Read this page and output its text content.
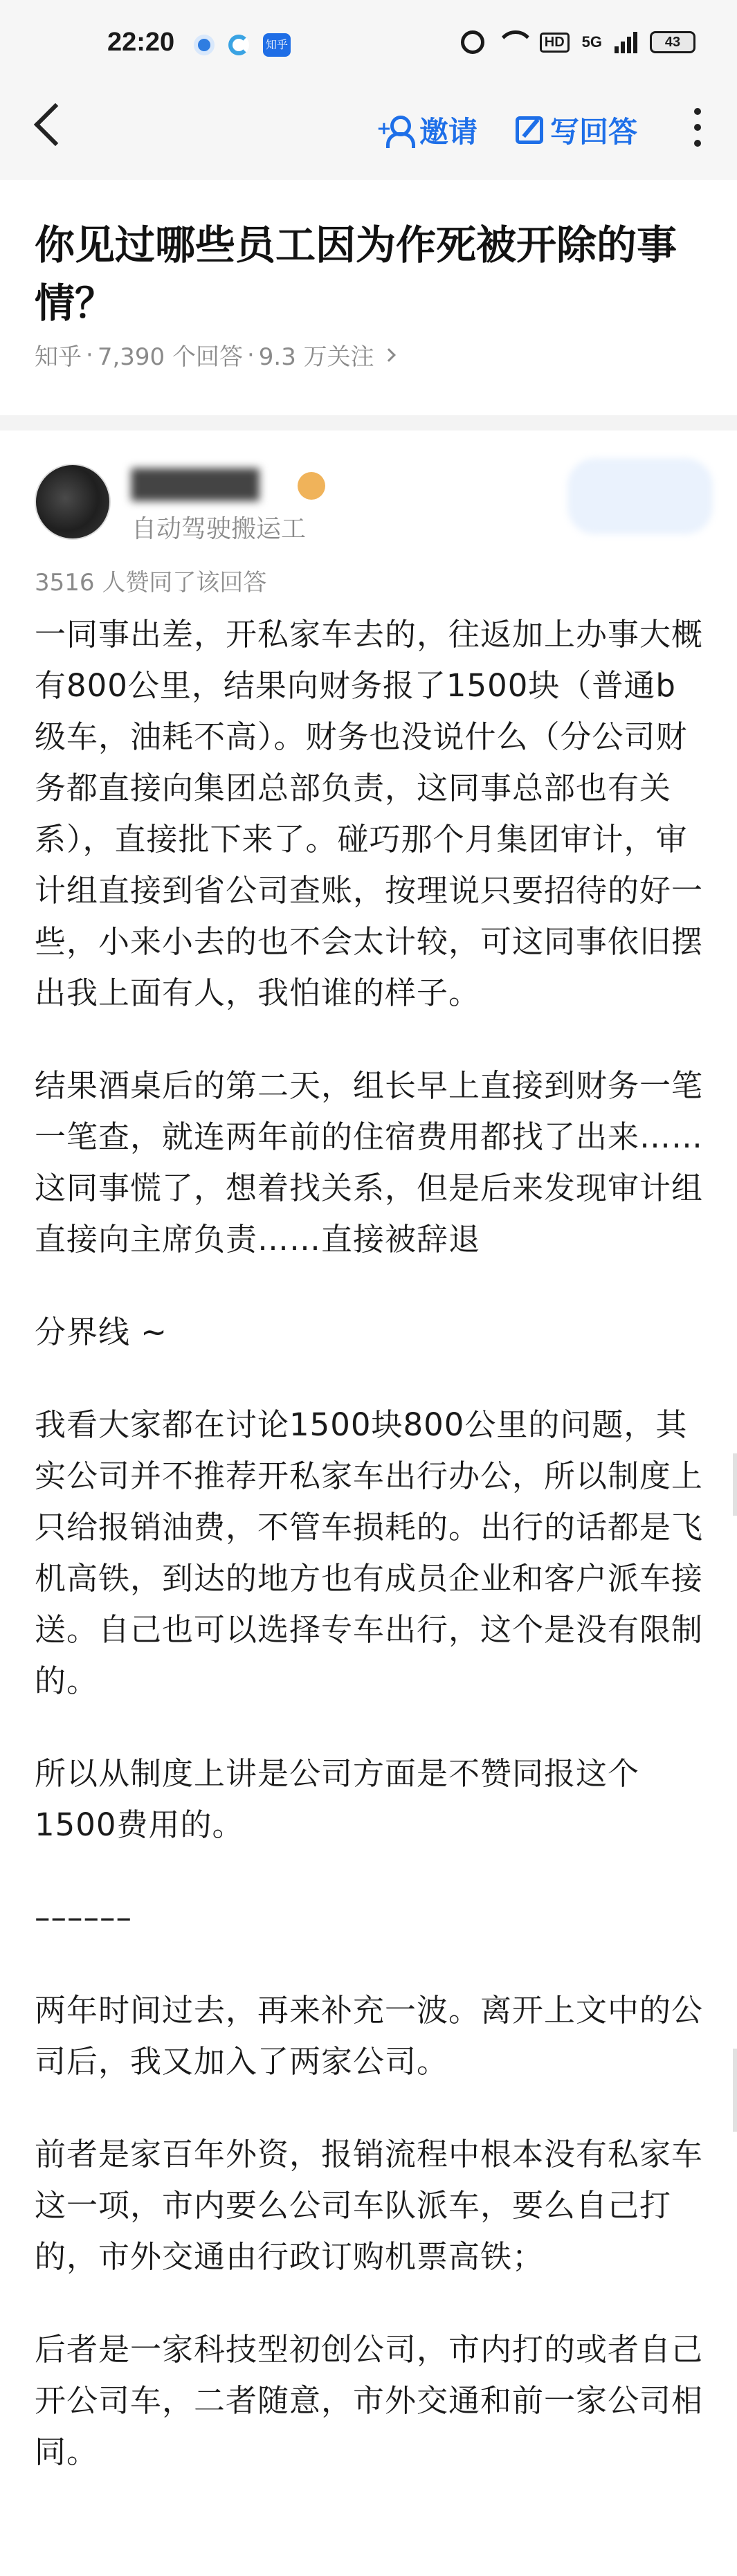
22:20	知乎	HD	5G	43
+ 邀请 写回答
你见过哪些员工因为作死被开除的事情？
知乎 · 7,390 个回答 · 9.3 万关注
██████
自动驾驶搬运工
3516 人赞同了该回答

一同事出差，开私家车去的，往返加上办事大概有800公里，结果向财务报了1500块（普通b级车，油耗不高）。财务也没说什么（分公司财务都直接向集团总部负责，这同事总部也有关系），直接批下来了。碰巧那个月集团审计，审计组直接到省公司查账，按理说只要招待的好一些，小来小去的也不会太计较，可这同事依旧摆出我上面有人，我怕谁的样子。

结果酒桌后的第二天，组长早上直接到财务一笔一笔查，就连两年前的住宿费用都找了出来……这同事慌了，想着找关系，但是后来发现审计组直接向主席负责……直接被辞退

分界线 ~

我看大家都在讨论1500块800公里的问题，其实公司并不推荐开私家车出行办公，所以制度上只给报销油费，不管车损耗的。出行的话都是飞机高铁，到达的地方也有成员企业和客户派车接送。自己也可以选择专车出行，这个是没有限制的。

所以从制度上讲是公司方面是不赞同报这个1500费用的。

––––––

两年时间过去，再来补充一波。离开上文中的公司后，我又加入了两家公司。

前者是家百年外资，报销流程中根本没有私家车这一项，市内要么公司车队派车，要么自己打的，市外交通由行政订购机票高铁；

后者是一家科技型初创公司，市内打的或者自己开公司车，二者随意，市外交通和前一家公司相同。
